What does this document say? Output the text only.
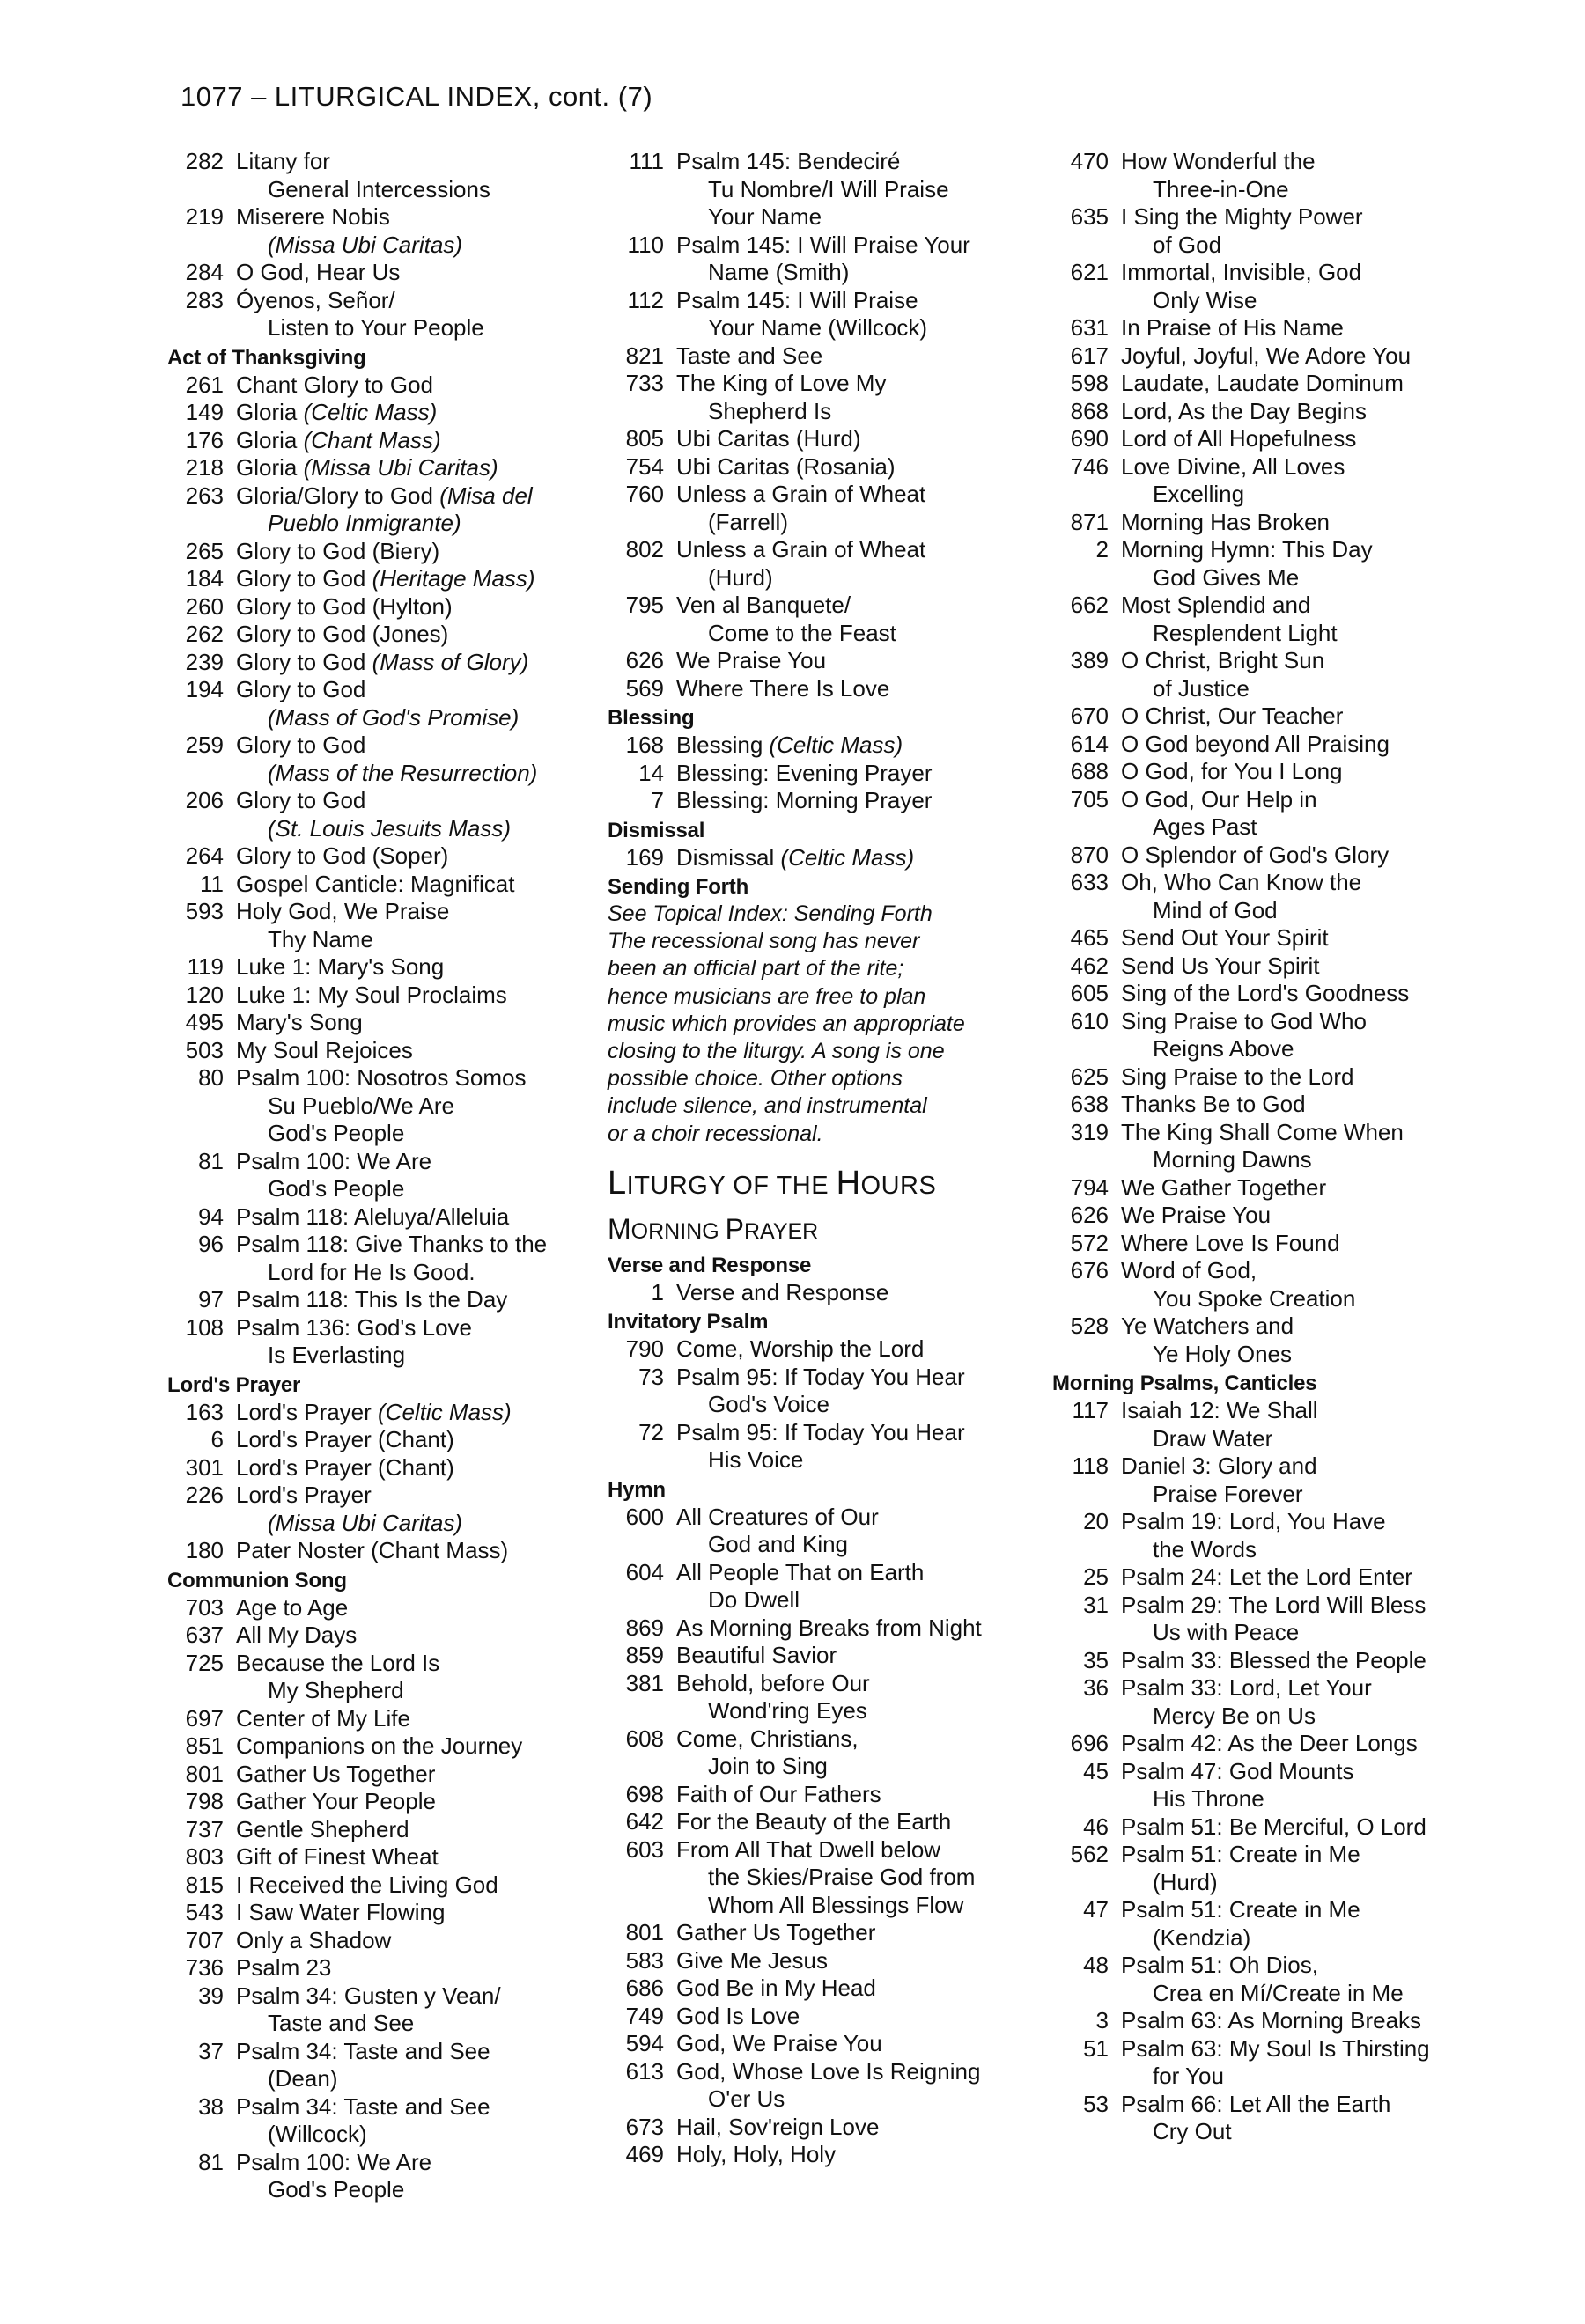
1077 – LITURGICAL INDEX, cont. (7)
282 Litany for
General Intercessions
219 Miserere Nobis
(Missa Ubi Caritas)
284 O God, Hear Us
283 Óyenos, Señor/
Listen to Your People
Act of Thanksgiving
261 Chant Glory to God
149 Gloria (Celtic Mass)
176 Gloria (Chant Mass)
218 Gloria (Missa Ubi Caritas)
263 Gloria/Glory to God (Misa del
Pueblo Inmigrante)
265 Glory to God (Biery)
184 Glory to God (Heritage Mass)
260 Glory to God (Hylton)
262 Glory to God (Jones)
239 Glory to God (Mass of Glory)
194 Glory to God
(Mass of God's Promise)
259 Glory to God
(Mass of the Resurrection)
206 Glory to God
(St. Louis Jesuits Mass)
264 Glory to God (Soper)
11 Gospel Canticle: Magnificat
593 Holy God, We Praise
Thy Name
119 Luke 1: Mary's Song
120 Luke 1: My Soul Proclaims
495 Mary's Song
503 My Soul Rejoices
80 Psalm 100: Nosotros Somos
Su Pueblo/We Are
God's People
81 Psalm 100: We Are
God's People
94 Psalm 118: Aleluya/Alleluia
96 Psalm 118: Give Thanks to the
Lord for He Is Good.
97 Psalm 118: This Is the Day
108 Psalm 136: God's Love
Is Everlasting
Lord's Prayer
163 Lord's Prayer (Celtic Mass)
6 Lord's Prayer (Chant)
301 Lord's Prayer (Chant)
226 Lord's Prayer
(Missa Ubi Caritas)
180 Pater Noster (Chant Mass)
Communion Song
703 Age to Age
637 All My Days
725 Because the Lord Is
My Shepherd
697 Center of My Life
851 Companions on the Journey
801 Gather Us Together
798 Gather Your People
737 Gentle Shepherd
803 Gift of Finest Wheat
815 I Received the Living God
543 I Saw Water Flowing
707 Only a Shadow
736 Psalm 23
39 Psalm 34: Gusten y Vean/
Taste and See
37 Psalm 34: Taste and See
(Dean)
38 Psalm 34: Taste and See
(Willcock)
81 Psalm 100: We Are
God's People
111 Psalm 145: Bendeciré
Tu Nombre/I Will Praise
Your Name
110 Psalm 145: I Will Praise Your
Name (Smith)
112 Psalm 145: I Will Praise
Your Name (Willcock)
821 Taste and See
733 The King of Love My
Shepherd Is
805 Ubi Caritas (Hurd)
754 Ubi Caritas (Rosania)
760 Unless a Grain of Wheat
(Farrell)
802 Unless a Grain of Wheat
(Hurd)
795 Ven al Banquete/
Come to the Feast
626 We Praise You
569 Where There Is Love
Blessing
168 Blessing (Celtic Mass)
14 Blessing: Evening Prayer
7 Blessing: Morning Prayer
Dismissal
169 Dismissal (Celtic Mass)
Sending Forth
See Topical Index: Sending Forth
The recessional song has never
been an official part of the rite;
hence musicians are free to plan
music which provides an appropriate
closing to the liturgy. A song is one
possible choice. Other options
include silence, and instrumental
or a choir recessional.
LITURGY OF THE HOURS
MORNING PRAYER
Verse and Response
1 Verse and Response
Invitatory Psalm
790 Come, Worship the Lord
73 Psalm 95: If Today You Hear
God's Voice
72 Psalm 95: If Today You Hear
His Voice
Hymn
600 All Creatures of Our
God and King
604 All People That on Earth
Do Dwell
869 As Morning Breaks from Night
859 Beautiful Savior
381 Behold, before Our
Wond'ring Eyes
608 Come, Christians,
Join to Sing
698 Faith of Our Fathers
642 For the Beauty of the Earth
603 From All That Dwell below
the Skies/Praise God from
Whom All Blessings Flow
801 Gather Us Together
583 Give Me Jesus
686 God Be in My Head
749 God Is Love
594 God, We Praise You
613 God, Whose Love Is Reigning
O'er Us
673 Hail, Sov'reign Love
469 Holy, Holy, Holy
470 How Wonderful the
Three-in-One
635 I Sing the Mighty Power
of God
621 Immortal, Invisible, God
Only Wise
631 In Praise of His Name
617 Joyful, Joyful, We Adore You
598 Laudate, Laudate Dominum
868 Lord, As the Day Begins
690 Lord of All Hopefulness
746 Love Divine, All Loves
Excelling
871 Morning Has Broken
2 Morning Hymn: This Day
God Gives Me
662 Most Splendid and
Resplendent Light
389 O Christ, Bright Sun
of Justice
670 O Christ, Our Teacher
614 O God beyond All Praising
688 O God, for You I Long
705 O God, Our Help in
Ages Past
870 O Splendor of God's Glory
633 Oh, Who Can Know the
Mind of God
465 Send Out Your Spirit
462 Send Us Your Spirit
605 Sing of the Lord's Goodness
610 Sing Praise to God Who
Reigns Above
625 Sing Praise to the Lord
638 Thanks Be to God
319 The King Shall Come When
Morning Dawns
794 We Gather Together
626 We Praise You
572 Where Love Is Found
676 Word of God,
You Spoke Creation
528 Ye Watchers and
Ye Holy Ones
Morning Psalms, Canticles
117 Isaiah 12: We Shall
Draw Water
118 Daniel 3: Glory and
Praise Forever
20 Psalm 19: Lord, You Have
the Words
25 Psalm 24: Let the Lord Enter
31 Psalm 29: The Lord Will Bless
Us with Peace
35 Psalm 33: Blessed the People
36 Psalm 33: Lord, Let Your
Mercy Be on Us
696 Psalm 42: As the Deer Longs
45 Psalm 47: God Mounts
His Throne
46 Psalm 51: Be Merciful, O Lord
562 Psalm 51: Create in Me
(Hurd)
47 Psalm 51: Create in Me
(Kendzia)
48 Psalm 51: Oh Dios,
Crea en Mí/Create in Me
3 Psalm 63: As Morning Breaks
51 Psalm 63: My Soul Is Thirsting
for You
53 Psalm 66: Let All the Earth
Cry Out
